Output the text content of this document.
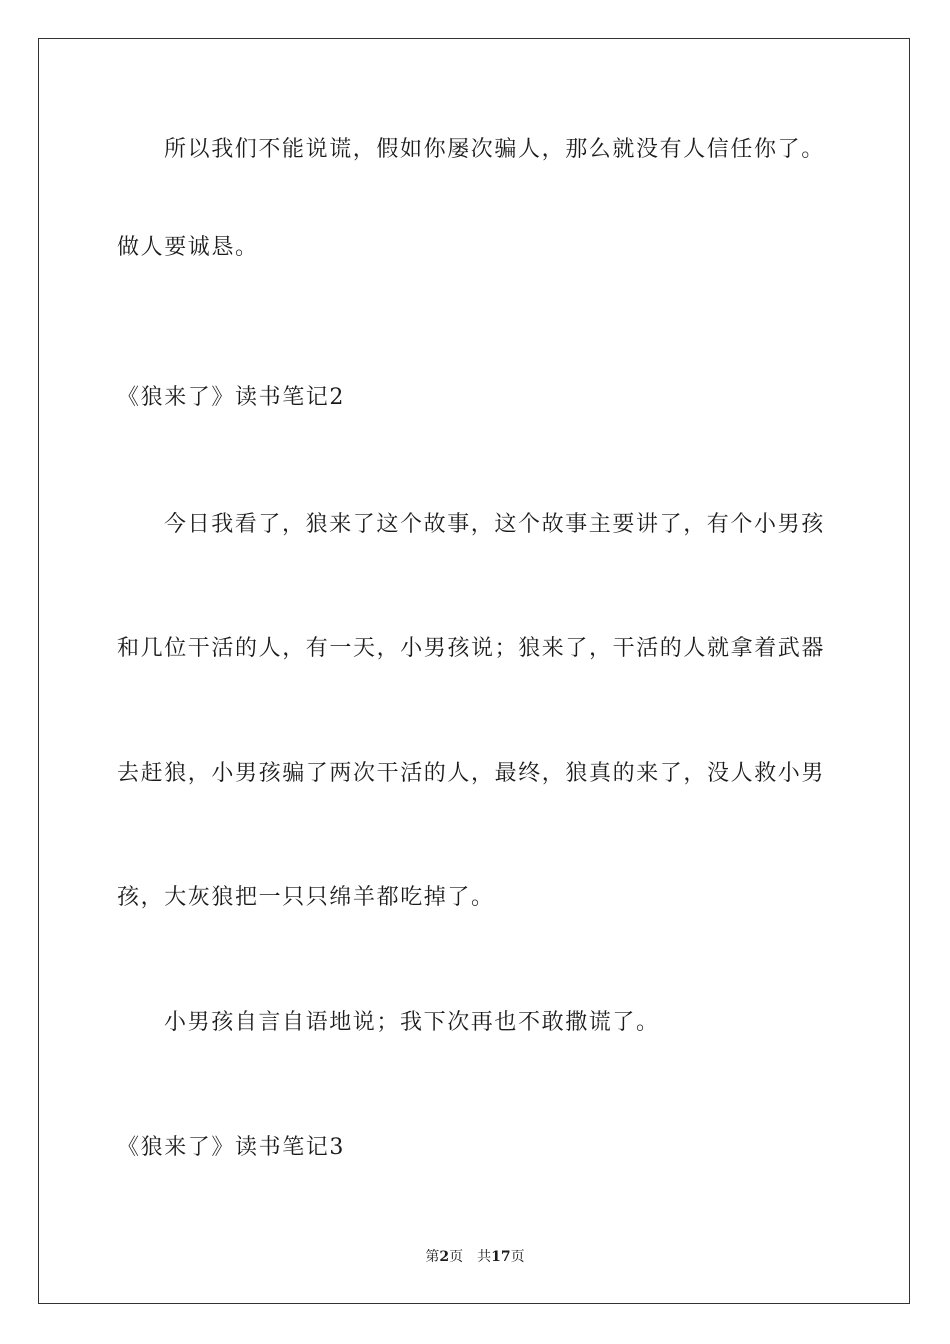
所以我们不能说谎，假如你屡次骗人，那么就没有人信任你了。

做人要诚恳。

《狼来了》读书笔记2

今日我看了，狼来了这个故事，这个故事主要讲了，有个小男孩

和几位干活的人，有一天，小男孩说；狼来了，干活的人就拿着武器

去赶狼，小男孩骗了两次干活的人，最终，狼真的来了，没人救小男

孩，大灰狼把一只只绵羊都吃掉了。

小男孩自言自语地说；我下次再也不敢撒谎了。

《狼来了》读书笔记3

第2页 共17页
